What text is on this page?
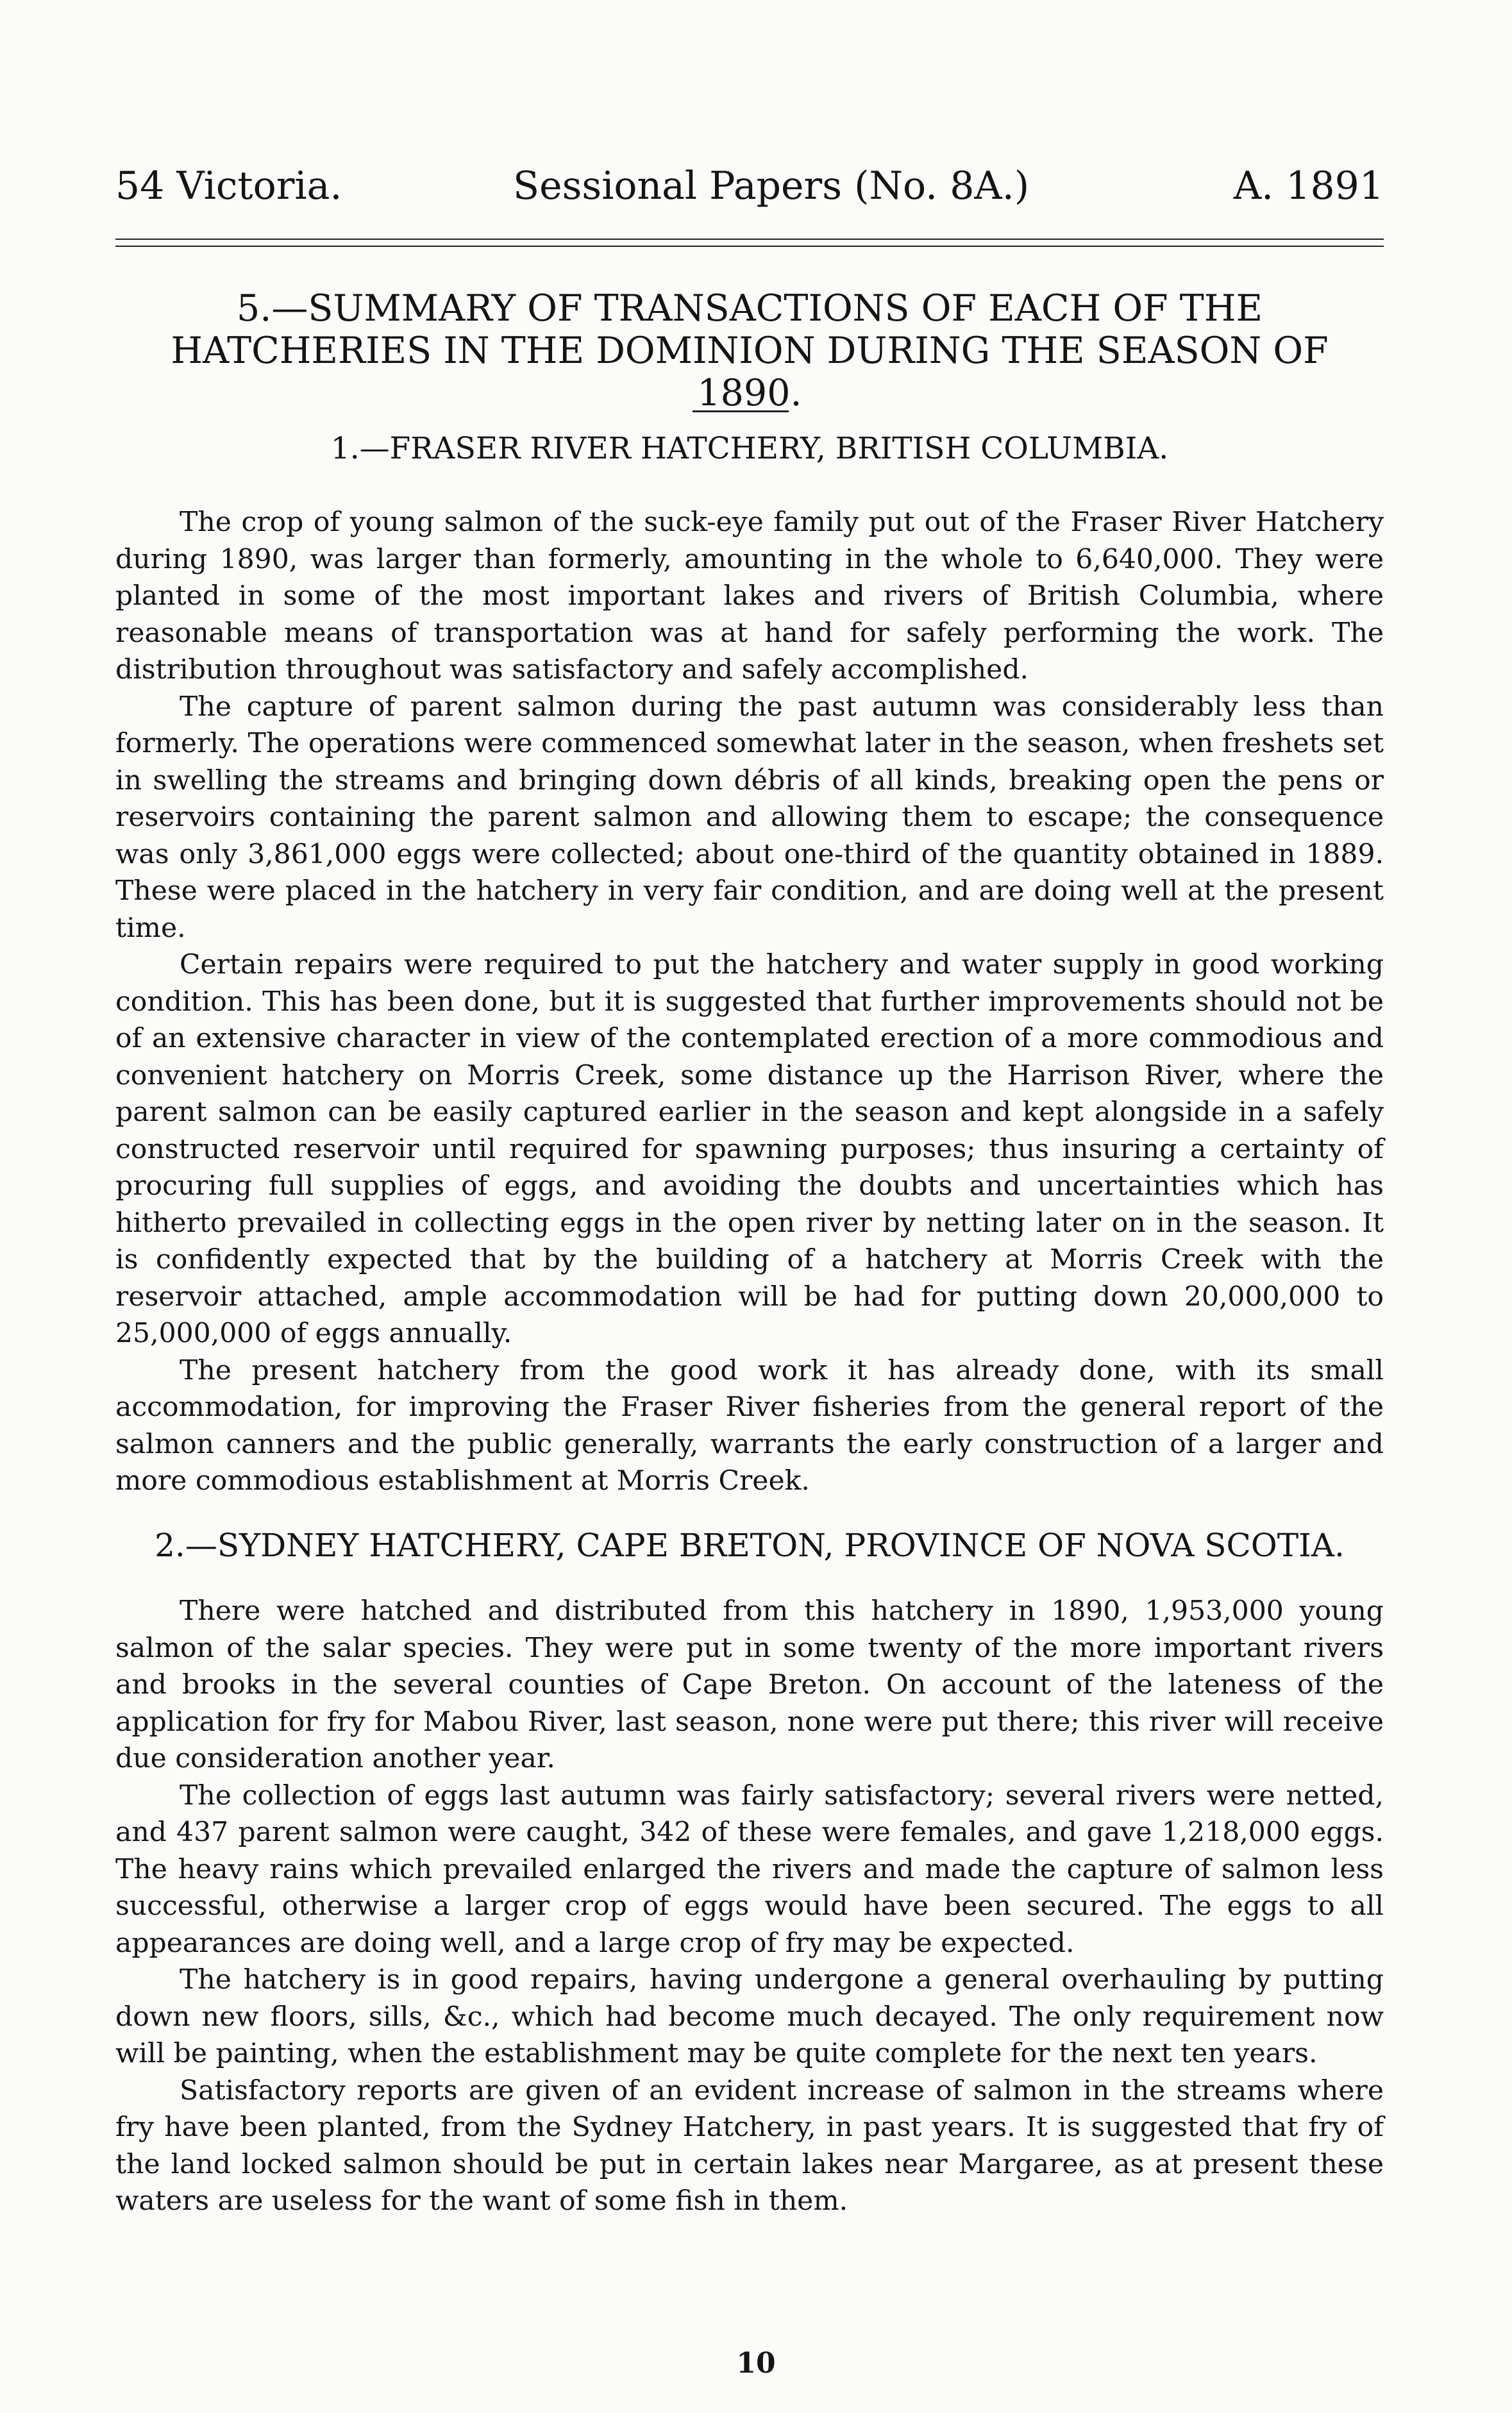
54 Victoria.	Sessional Papers (No. 8A.)	A. 1891
5.—SUMMARY OF TRANSACTIONS OF EACH OF THE HATCHERIES IN THE DOMINION DURING THE SEASON OF 1890.
1.—FRASER RIVER HATCHERY, BRITISH COLUMBIA.

The crop of young salmon of the suck-eye family put out of the Fraser River Hatchery during 1890, was larger than formerly, amounting in the whole to 6,640,000. They were planted in some of the most important lakes and rivers of British Columbia, where reasonable means of transportation was at hand for safely performing the work. The distribution throughout was satisfactory and safely accomplished.

The capture of parent salmon during the past autumn was considerably less than formerly. The operations were commenced somewhat later in the season, when freshets set in swelling the streams and bringing down débris of all kinds, breaking open the pens or reservoirs containing the parent salmon and allowing them to escape; the consequence was only 3,861,000 eggs were collected; about one-third of the quantity obtained in 1889. These were placed in the hatchery in very fair condition, and are doing well at the present time.

Certain repairs were required to put the hatchery and water supply in good working condition. This has been done, but it is suggested that further improvements should not be of an extensive character in view of the contemplated erection of a more commodious and convenient hatchery on Morris Creek, some distance up the Harrison River, where the parent salmon can be easily captured earlier in the season and kept alongside in a safely constructed reservoir until required for spawning purposes; thus insuring a certainty of procuring full supplies of eggs, and avoiding the doubts and uncertainties which has hitherto prevailed in collecting eggs in the open river by netting later on in the season. It is confidently expected that by the building of a hatchery at Morris Creek with the reservoir attached, ample accommodation will be had for putting down 20,000,000 to 25,000,000 of eggs annually.

The present hatchery from the good work it has already done, with its small accommodation, for improving the Fraser River fisheries from the general report of the salmon canners and the public generally, warrants the early construction of a larger and more commodious establishment at Morris Creek.

2.—SYDNEY HATCHERY, CAPE BRETON, PROVINCE OF NOVA SCOTIA.

There were hatched and distributed from this hatchery in 1890, 1,953,000 young salmon of the salar species. They were put in some twenty of the more important rivers and brooks in the several counties of Cape Breton. On account of the lateness of the application for fry for Mabou River, last season, none were put there; this river will receive due consideration another year.

The collection of eggs last autumn was fairly satisfactory; several rivers were netted, and 437 parent salmon were caught, 342 of these were females, and gave 1,218,000 eggs. The heavy rains which prevailed enlarged the rivers and made the capture of salmon less successful, otherwise a larger crop of eggs would have been secured. The eggs to all appearances are doing well, and a large crop of fry may be expected.

The hatchery is in good repairs, having undergone a general overhauling by putting down new floors, sills, &c., which had become much decayed. The only requirement now will be painting, when the establishment may be quite complete for the next ten years.

Satisfactory reports are given of an evident increase of salmon in the streams where fry have been planted, from the Sydney Hatchery, in past years. It is suggested that fry of the land locked salmon should be put in certain lakes near Margaree, as at present these waters are useless for the want of some fish in them.

10
